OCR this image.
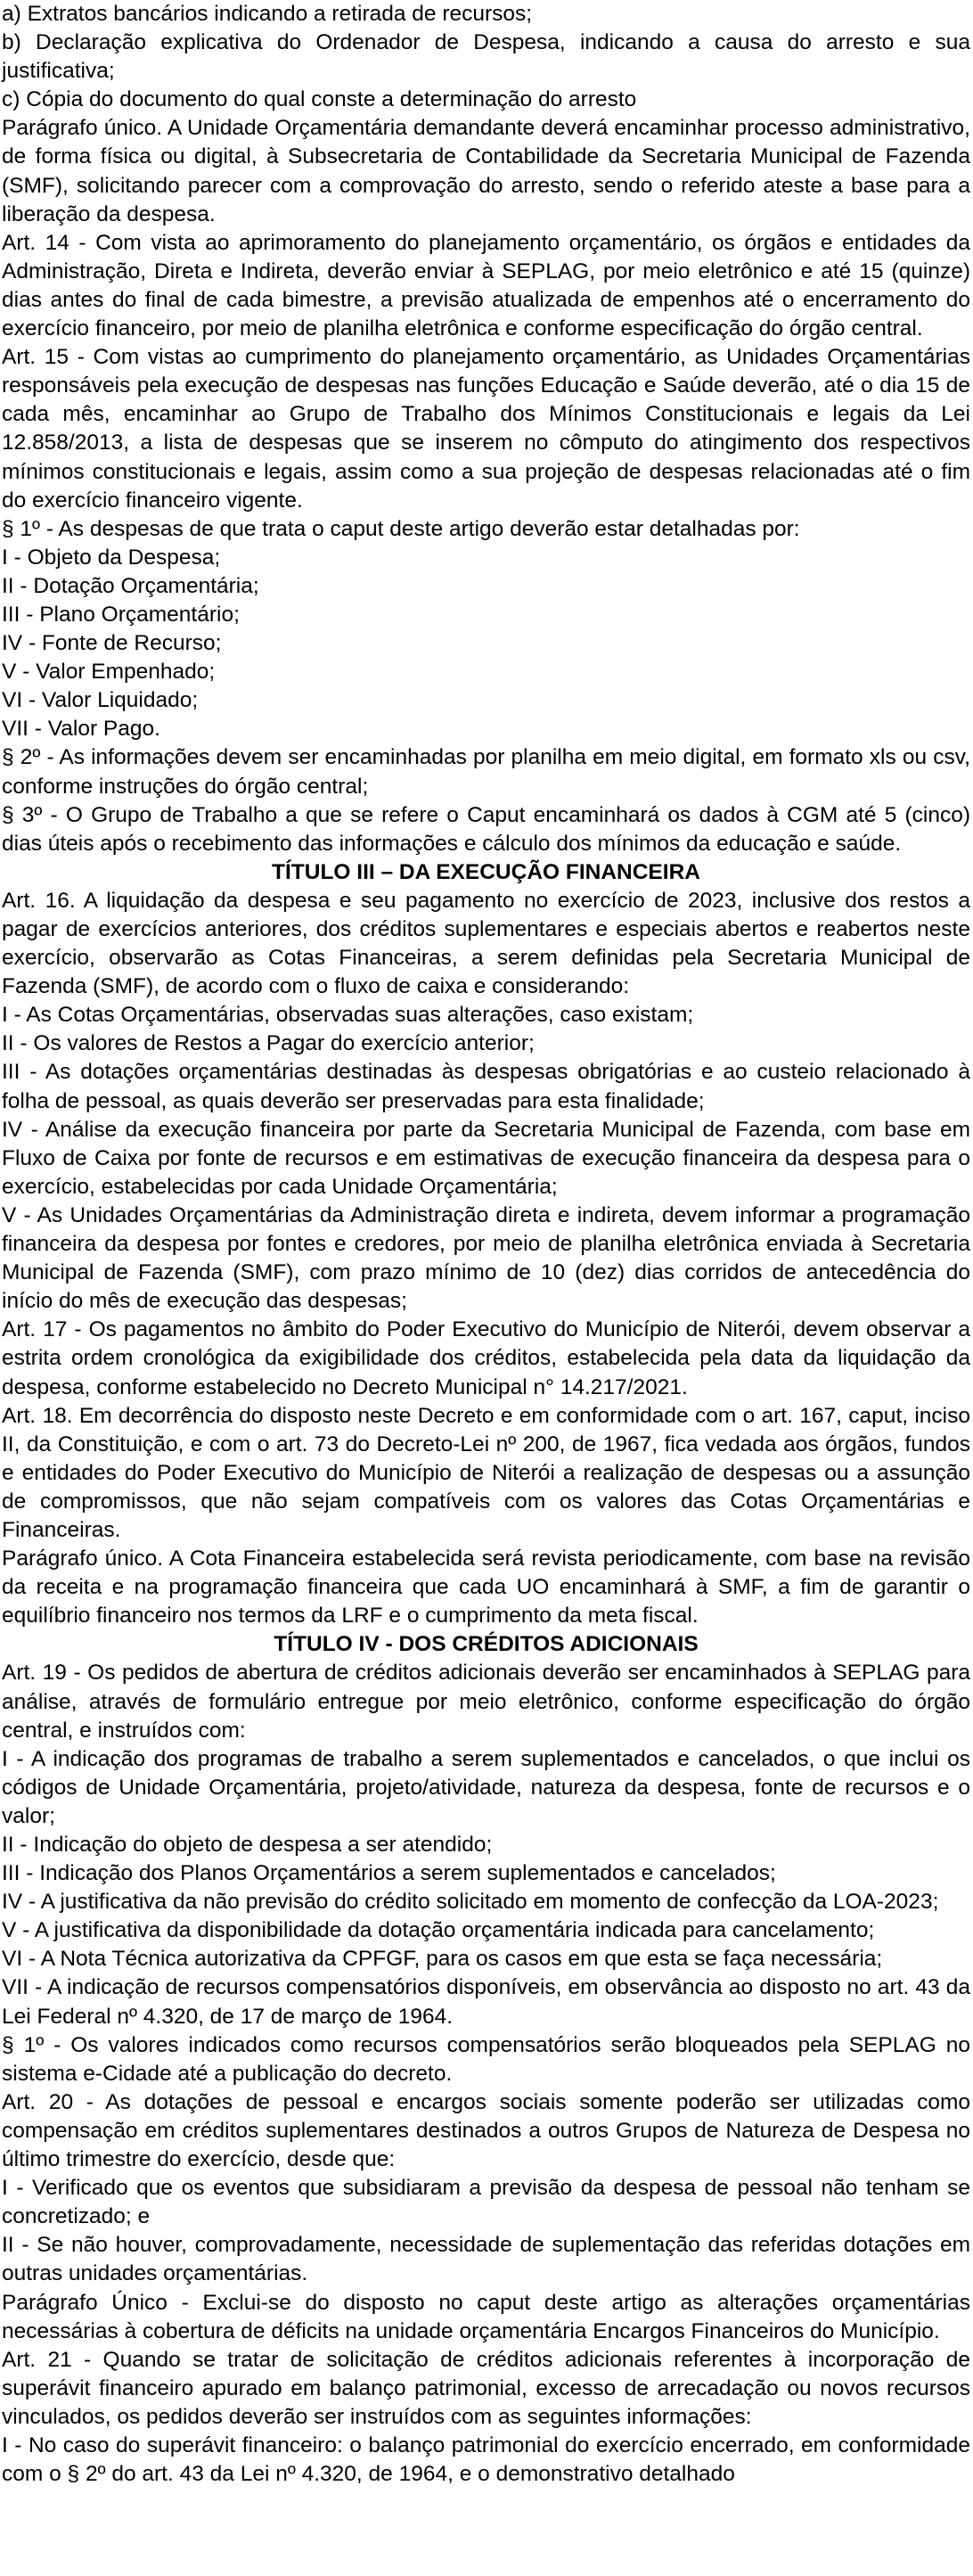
a) Extratos bancários indicando a retirada de recursos;
b) Declaração explicativa do Ordenador de Despesa, indicando a causa do arresto e sua justificativa;
c) Cópia do documento do qual conste a determinação do arresto
Parágrafo único. A Unidade Orçamentária demandante deverá encaminhar processo administrativo, de forma física ou digital, à Subsecretaria de Contabilidade da Secretaria Municipal de Fazenda (SMF), solicitando parecer com a comprovação do arresto, sendo o referido ateste a base para a liberação da despesa.
Art. 14 - Com vista ao aprimoramento do planejamento orçamentário, os órgãos e entidades da Administração, Direta e Indireta, deverão enviar à SEPLAG, por meio eletrônico e até 15 (quinze) dias antes do final de cada bimestre, a previsão atualizada de empenhos até o encerramento do exercício financeiro, por meio de planilha eletrônica e conforme especificação do órgão central.
Art. 15 - Com vistas ao cumprimento do planejamento orçamentário, as Unidades Orçamentárias responsáveis pela execução de despesas nas funções Educação e Saúde deverão, até o dia 15 de cada mês, encaminhar ao Grupo de Trabalho dos Mínimos Constitucionais e legais da Lei 12.858/2013, a lista de despesas que se inserem no cômputo do atingimento dos respectivos mínimos constitucionais e legais, assim como a sua projeção de despesas relacionadas até o fim do exercício financeiro vigente.
§ 1º - As despesas de que trata o caput deste artigo deverão estar detalhadas por:
I - Objeto da Despesa;
II - Dotação Orçamentária;
III - Plano Orçamentário;
IV - Fonte de Recurso;
V - Valor Empenhado;
VI - Valor Liquidado;
VII - Valor Pago.
§ 2º - As informações devem ser encaminhadas por planilha em meio digital, em formato xls ou csv, conforme instruções do órgão central;
§ 3º - O Grupo de Trabalho a que se refere o Caput encaminhará os dados à CGM até 5 (cinco) dias úteis após o recebimento das informações e cálculo dos mínimos da educação e saúde.
TÍTULO III – DA EXECUÇÃO FINANCEIRA
Art. 16. A liquidação da despesa e seu pagamento no exercício de 2023, inclusive dos restos a pagar de exercícios anteriores, dos créditos suplementares e especiais abertos e reabertos neste exercício, observarão as Cotas Financeiras, a serem definidas pela Secretaria Municipal de Fazenda (SMF), de acordo com o fluxo de caixa e considerando:
I - As Cotas Orçamentárias, observadas suas alterações, caso existam;
II - Os valores de Restos a Pagar do exercício anterior;
III - As dotações orçamentárias destinadas às despesas obrigatórias e ao custeio relacionado à folha de pessoal, as quais deverão ser preservadas para esta finalidade;
IV - Análise da execução financeira por parte da Secretaria Municipal de Fazenda, com base em Fluxo de Caixa por fonte de recursos e em estimativas de execução financeira da despesa para o exercício, estabelecidas por cada Unidade Orçamentária;
V - As Unidades Orçamentárias da Administração direta e indireta, devem informar a programação financeira da despesa por fontes e credores, por meio de planilha eletrônica enviada à Secretaria Municipal de Fazenda (SMF), com prazo mínimo de 10 (dez) dias corridos de antecedência do início do mês de execução das despesas;
Art. 17 - Os pagamentos no âmbito do Poder Executivo do Município de Niterói, devem observar a estrita ordem cronológica da exigibilidade dos créditos, estabelecida pela data da liquidação da despesa, conforme estabelecido no Decreto Municipal n° 14.217/2021.
Art. 18. Em decorrência do disposto neste Decreto e em conformidade com o art. 167, caput, inciso II, da Constituição, e com o art. 73 do Decreto-Lei nº 200, de 1967, fica vedada aos órgãos, fundos e entidades do Poder Executivo do Município de Niterói a realização de despesas ou a assunção de compromissos, que não sejam compatíveis com os valores das Cotas Orçamentárias e Financeiras.
Parágrafo único. A Cota Financeira estabelecida será revista periodicamente, com base na revisão da receita e na programação financeira que cada UO encaminhará à SMF, a fim de garantir o equilíbrio financeiro nos termos da LRF e o cumprimento da meta fiscal.
TÍTULO IV - DOS CRÉDITOS ADICIONAIS
Art. 19 - Os pedidos de abertura de créditos adicionais deverão ser encaminhados à SEPLAG para análise, através de formulário entregue por meio eletrônico, conforme especificação do órgão central, e instruídos com:
I - A indicação dos programas de trabalho a serem suplementados e cancelados, o que inclui os códigos de Unidade Orçamentária, projeto/atividade, natureza da despesa, fonte de recursos e o valor;
II - Indicação do objeto de despesa a ser atendido;
III - Indicação dos Planos Orçamentários a serem suplementados e cancelados;
IV - A justificativa da não previsão do crédito solicitado em momento de confecção da LOA-2023;
V - A justificativa da disponibilidade da dotação orçamentária indicada para cancelamento;
VI - A Nota Técnica autorizativa da CPFGF, para os casos em que esta se faça necessária;
VII - A indicação de recursos compensatórios disponíveis, em observância ao disposto no art. 43 da Lei Federal nº 4.320, de 17 de março de 1964.
§ 1º - Os valores indicados como recursos compensatórios serão bloqueados pela SEPLAG no sistema e-Cidade até a publicação do decreto.
Art. 20 - As dotações de pessoal e encargos sociais somente poderão ser utilizadas como compensação em créditos suplementares destinados a outros Grupos de Natureza de Despesa no último trimestre do exercício, desde que:
I - Verificado que os eventos que subsidiaram a previsão da despesa de pessoal não tenham se concretizado; e
II - Se não houver, comprovadamente, necessidade de suplementação das referidas dotações em outras unidades orçamentárias.
Parágrafo Único - Exclui-se do disposto no caput deste artigo as alterações orçamentárias necessárias à cobertura de déficits na unidade orçamentária Encargos Financeiros do Município.
Art. 21 - Quando se tratar de solicitação de créditos adicionais referentes à incorporação de superávit financeiro apurado em balanço patrimonial, excesso de arrecadação ou novos recursos vinculados, os pedidos deverão ser instruídos com as seguintes informações:
I - No caso do superávit financeiro: o balanço patrimonial do exercício encerrado, em conformidade com o § 2º do art. 43 da Lei nº 4.320, de 1964, e o demonstrativo detalhado
